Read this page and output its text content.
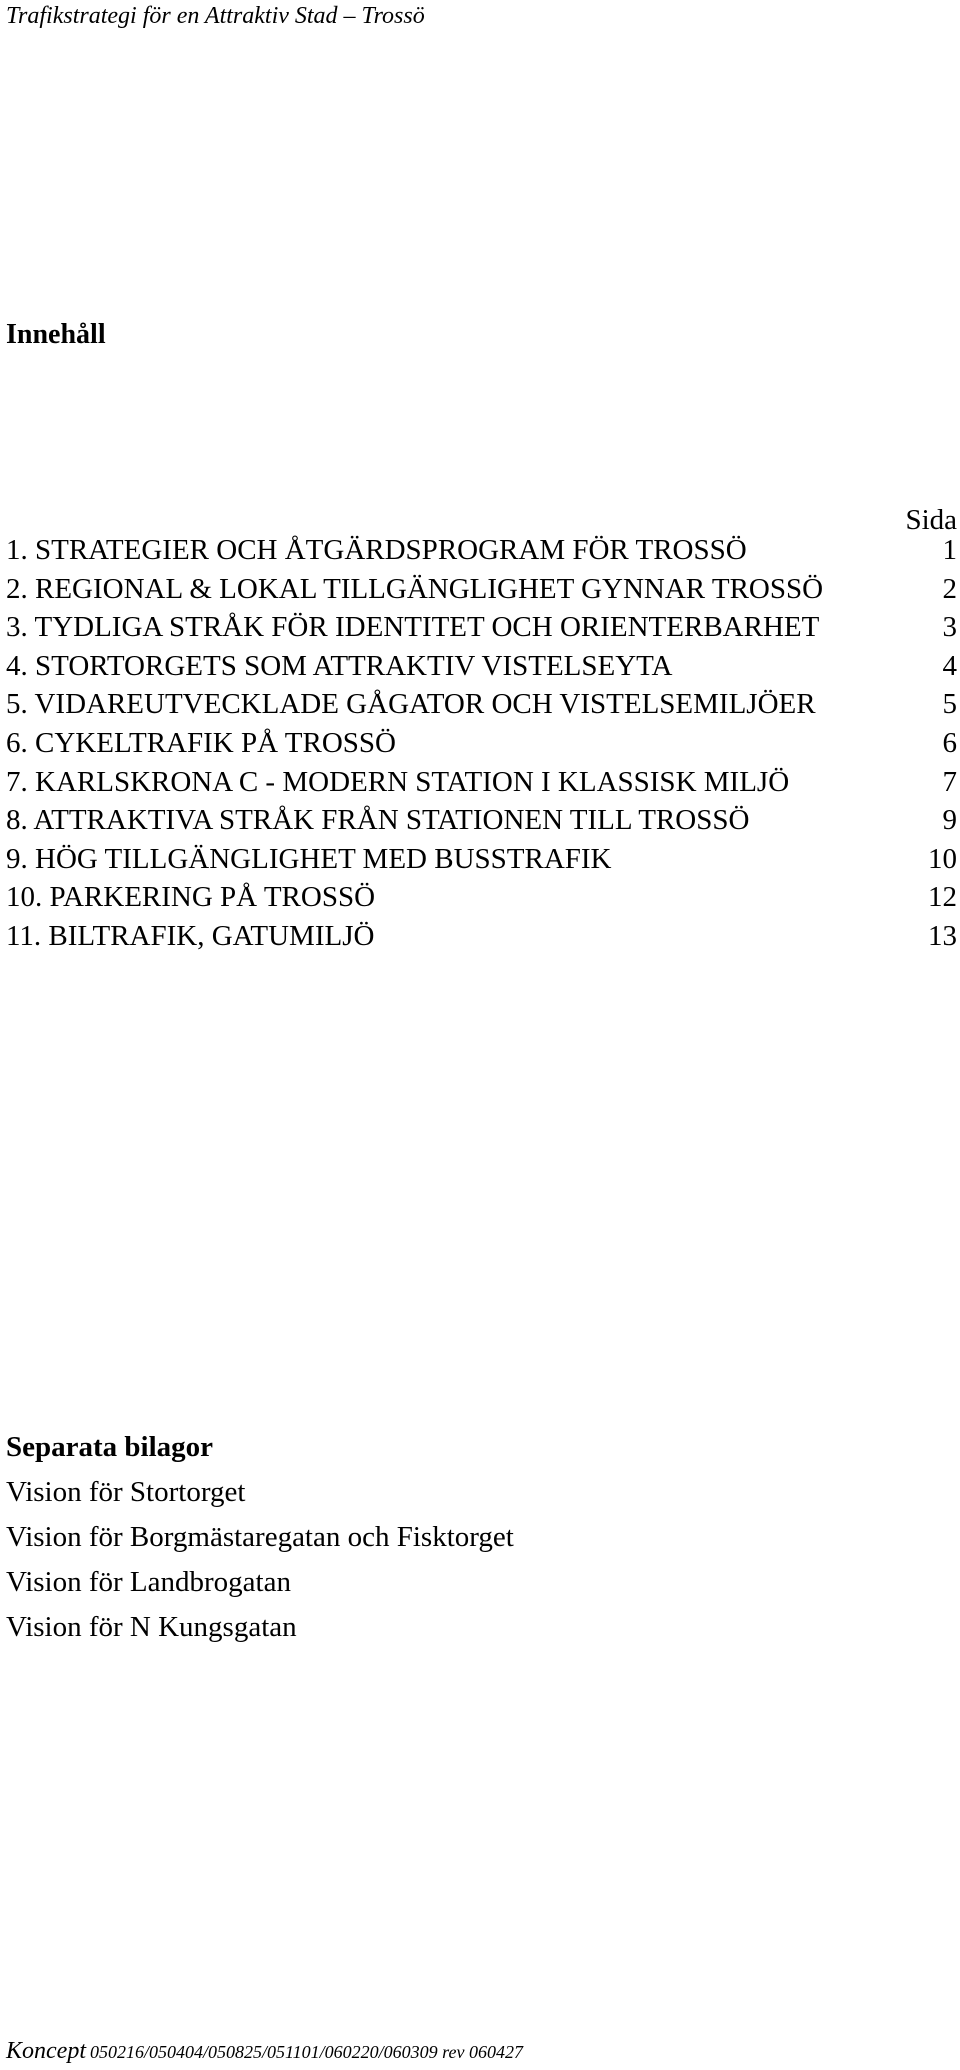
Trafikstrategi för en Attraktiv Stad – Trossö
Innehåll
Sida
1. STRATEGIER OCH ÅTGÄRDSPROGRAM FÖR TROSSÖ	1
2. REGIONAL & LOKAL TILLGÄNGLIGHET GYNNAR TROSSÖ	2
3. TYDLIGA STRÅK FÖR IDENTITET OCH ORIENTERBARHET	3
4. STORTORGETS SOM ATTRAKTIV VISTELSEYTA	4
5. VIDAREUTVECKLADE GÅGATOR OCH VISTELSEMILJÖER	5
6. CYKELTRAFIK PÅ TROSSÖ	6
7. KARLSKRONA C - MODERN STATION I KLASSISK MILJÖ	7
8. ATTRAKTIVA STRÅK FRÅN STATIONEN TILL TROSSÖ	9
9. HÖG TILLGÄNGLIGHET MED BUSSTRAFIK	10
10. PARKERING PÅ TROSSÖ	12
11. BILTRAFIK, GATUMILJÖ	13
Separata bilagor
Vision för Stortorget
Vision för Borgmästaregatan och Fisktorget
Vision för Landbrogatan
Vision för N Kungsgatan
Koncept 050216/050404/050825/051101/060220/060309 rev 060427
